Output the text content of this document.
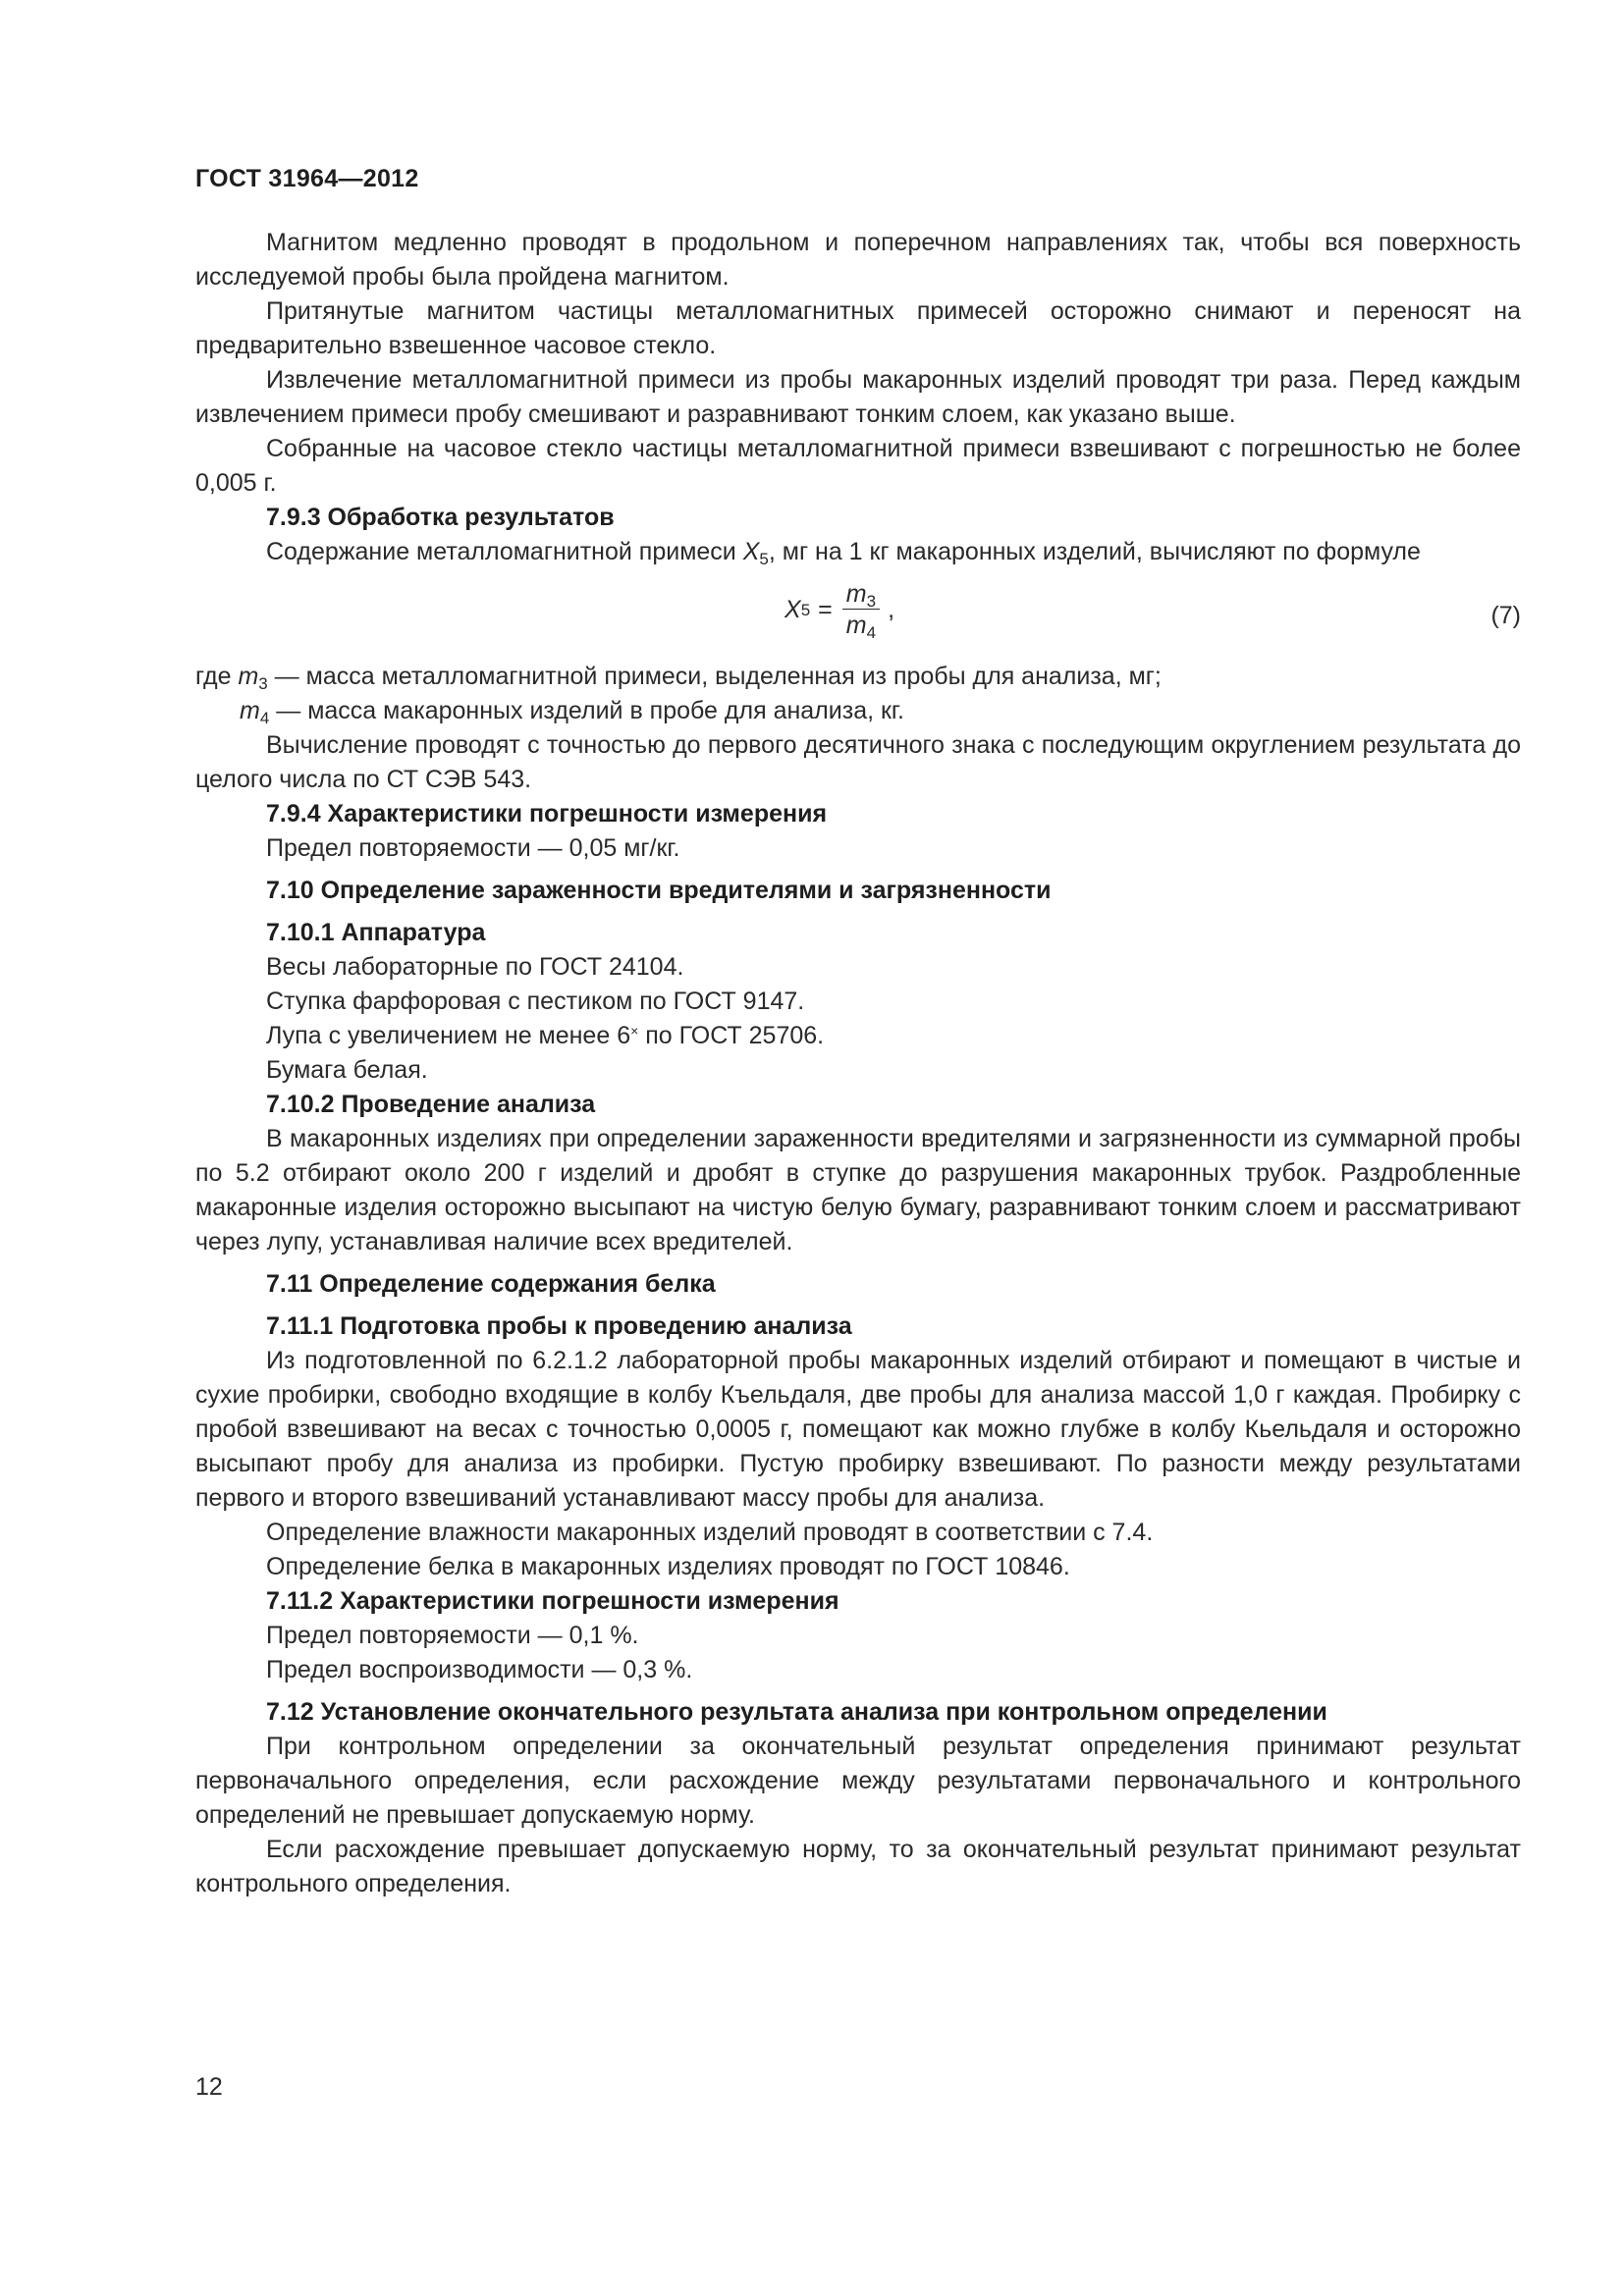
ГОСТ 31964—2012

Магнитом медленно проводят в продольном и поперечном направлениях так, чтобы вся поверхность исследуемой пробы была пройдена магнитом.

Притянутые магнитом частицы металломагнитных примесей осторожно снимают и переносят на предварительно взвешенное часовое стекло.

Извлечение металломагнитной примеси из пробы макаронных изделий проводят три раза. Перед каждым извлечением примеси пробу смешивают и разравнивают тонким слоем, как указано выше.

Собранные на часовое стекло частицы металломагнитной примеси взвешивают с погрешностью не более 0,005 г.

7.9.3 Обработка результатов

Содержание металломагнитной примеси $X_5$, мг на 1 кг макаронных изделий, вычисляют по формуле

X $5 = \frac{m_3}{m_4}$ ,	(7)

где $m_3$ — масса металломагнитной примеси, выделенная из пробы для анализа, мг;

$m_4$ — масса макаронных изделий в пробе для анализа, кг.

Вычисление проводят с точностью до первого десятичного знака с последующим округлением результата до целого числа по СТ СЭВ 543.

7.9.4 Характеристики погрешности измерения

Предел повторяемости — 0,05 мг/кг.

7.10 Определение зараженности вредителями и загрязненности

7.10.1 Аппаратура

Весы лабораторные по ГОСТ 24104.

Ступка фарфоровая с пестиком по ГОСТ 9147.

Лупа с увеличением не менее 6× по ГОСТ 25706.

Бумага белая.

7.10.2 Проведение анализа

В макаронных изделиях при определении зараженности вредителями и загрязненности из суммарной пробы по 5.2 отбирают около 200 г изделий и дробят в ступке до разрушения макаронных трубок. Раздробленные макаронные изделия осторожно высыпают на чистую белую бумагу, разравнивают тонким слоем и рассматривают через лупу, устанавливая наличие всех вредителей.

7.11 Определение содержания белка

7.11.1 Подготовка пробы к проведению анализа

Из подготовленной по 6.2.1.2 лабораторной пробы макаронных изделий отбирают и помещают в чистые и сухие пробирки, свободно входящие в колбу Къельдаля, две пробы для анализа массой 1,0 г каждая. Пробирку с пробой взвешивают на весах с точностью 0,0005 г, помещают как можно глубже в колбу Кьельдаля и осторожно высыпают пробу для анализа из пробирки. Пустую пробирку взвешивают. По разности между результатами первого и второго взвешиваний устанавливают массу пробы для анализа.

Определение влажности макаронных изделий проводят в соответствии с 7.4.

Определение белка в макаронных изделиях проводят по ГОСТ 10846.

7.11.2 Характеристики погрешности измерения

Предел повторяемости — 0,1 %.

Предел воспроизводимости — 0,3 %.

7.12 Установление окончательного результата анализа при контрольном определении

При контрольном определении за окончательный результат определения принимают результат первоначального определения, если расхождение между результатами первоначального и контрольного определений не превышает допускаемую норму.

Если расхождение превышает допускаемую норму, то за окончательный результат принимают результат контрольного определения.

12
